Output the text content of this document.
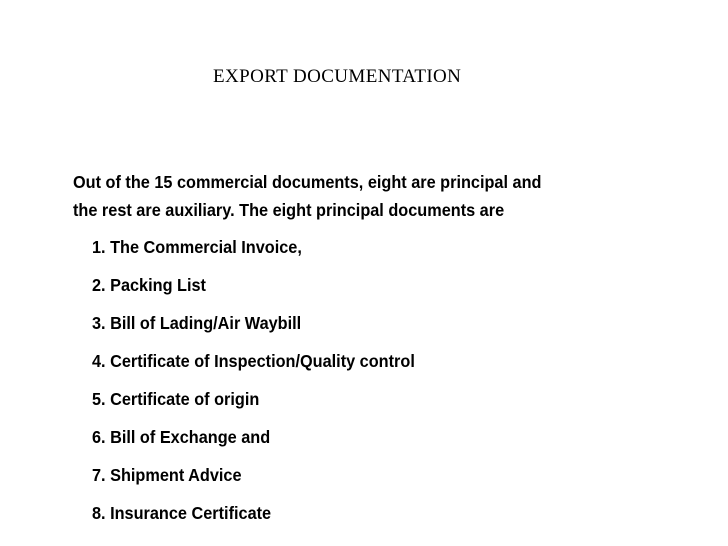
EXPORT DOCUMENTATION
Out of the 15 commercial documents, eight are principal and
the rest are auxiliary. The eight principal documents are
1. The Commercial Invoice,
2. Packing List
3. Bill of Lading/Air Waybill
4. Certificate of Inspection/Quality control
5. Certificate of origin
6. Bill of Exchange and
7. Shipment Advice
8. Insurance Certificate
